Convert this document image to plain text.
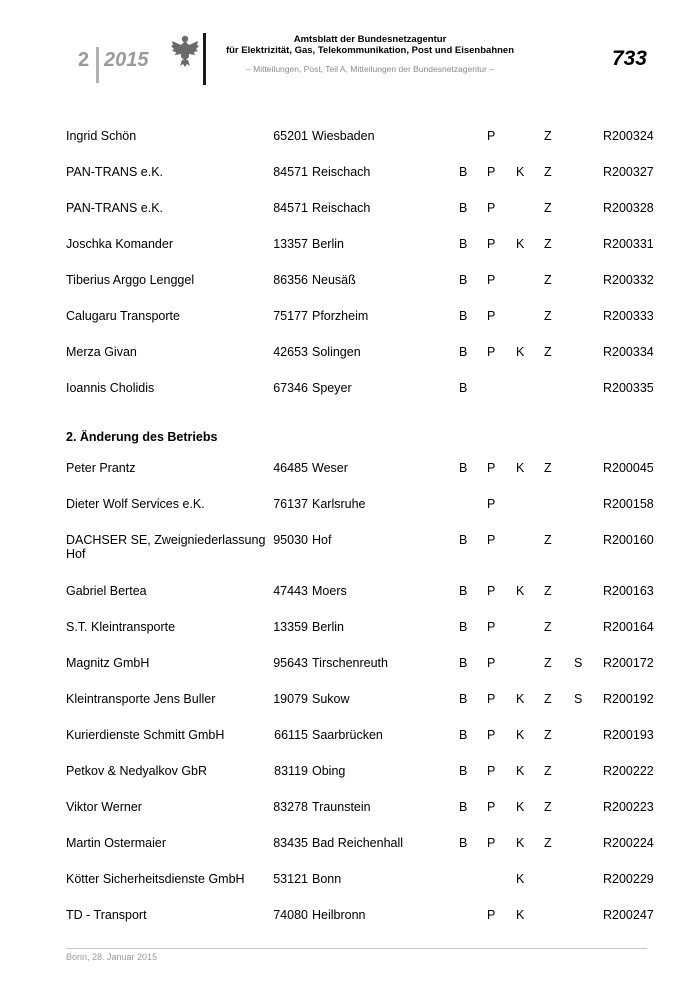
2 2015
Amtsblatt der Bundesnetzagentur
für Elektrizität, Gas, Telekommunikation, Post und Eisenbahnen
– Mitteilungen, Post, Teil A, Mitteilungen der Bundesnetzagentur –	733
Ingrid Schön	65201 Wiesbaden	P	Z	R200324
PAN-TRANS e.K.	84571 Reischach	B P K Z	R200327
PAN-TRANS e.K.	84571 Reischach	B P	Z	R200328
Joschka Komander	13357 Berlin	B P K Z	R200331
Tiberius Arggo Lenggel	86356 Neusäß	B P	Z	R200332
Calugaru Transporte	75177 Pforzheim	B P	Z	R200333
Merza Givan	42653 Solingen	B P K Z	R200334
Ioannis Cholidis	67346 Speyer	B	R200335
2. Änderung des Betriebs
Peter Prantz	46485 Weser	B P K Z	R200045
Dieter Wolf Services e.K.	76137 Karlsruhe	P	R200158
DACHSER SE, Zweigniederlassung Hof
95030 Hof	B P	Z	R200160
Gabriel Bertea	47443 Moers	B P K Z	R200163
S.T. Kleintransporte	13359 Berlin	B P	Z	R200164
Magnitz GmbH	95643 Tirschenreuth	B P	Z S R200172
Kleintransporte Jens Buller	19079 Sukow	B P K Z S R200192
Kurierdienste Schmitt GmbH	66115 Saarbrücken	B P K Z	R200193
Petkov & Nedyalkov GbR	83119 Obing	B P K Z	R200222
Viktor Werner	83278 Traunstein	B P K Z	R200223
Martin Ostermaier	83435 Bad Reichenhall	B P K Z	R200224
Kötter Sicherheitsdienste GmbH	53121 Bonn	K	R200229
TD - Transport	74080 Heilbronn	P K	R200247
Bonn, 28. Januar 2015
